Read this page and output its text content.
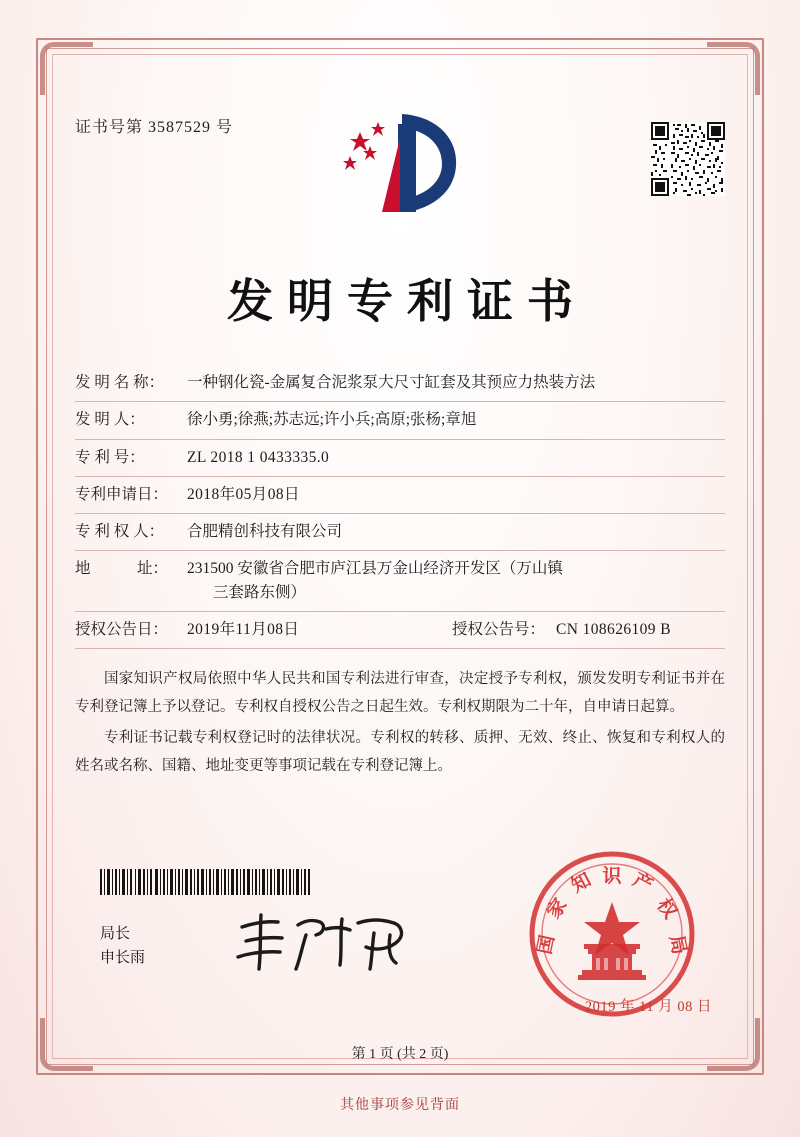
证书号第 3587529 号
发明专利证书
发 明 名 称：	一种钢化瓷-金属复合泥浆泵大尺寸缸套及其预应力热装方法
发 明 人：	徐小勇;徐燕;苏志远;许小兵;高原;张杨;章旭
专 利 号：	ZL 2018 1 0433335.0
专利申请日：	2018年05月08日
专 利 权 人：	合肥精创科技有限公司
地　　　址：	231500 安徽省合肥市庐江县万金山经济开发区（万山镇
三套路东侧）
授权公告日：	2019年11月08日	授权公告号： CN 108626109 B

国家知识产权局依照中华人民共和国专利法进行审查，决定授予专利权，颁发发明专利证书并在专利登记簿上予以登记。专利权自授权公告之日起生效。专利权期限为二十年，自申请日起算。

专利证书记载专利权登记时的法律状况。专利权的转移、质押、无效、终止、恢复和专利权人的姓名或名称、国籍、地址变更等事项记载在专利登记簿上。

局长
申长雨
识
知 产
家	权
国	局
2019 年 11 月 08 日
第 1 页 (共 2 页)
其他事项参见背面
